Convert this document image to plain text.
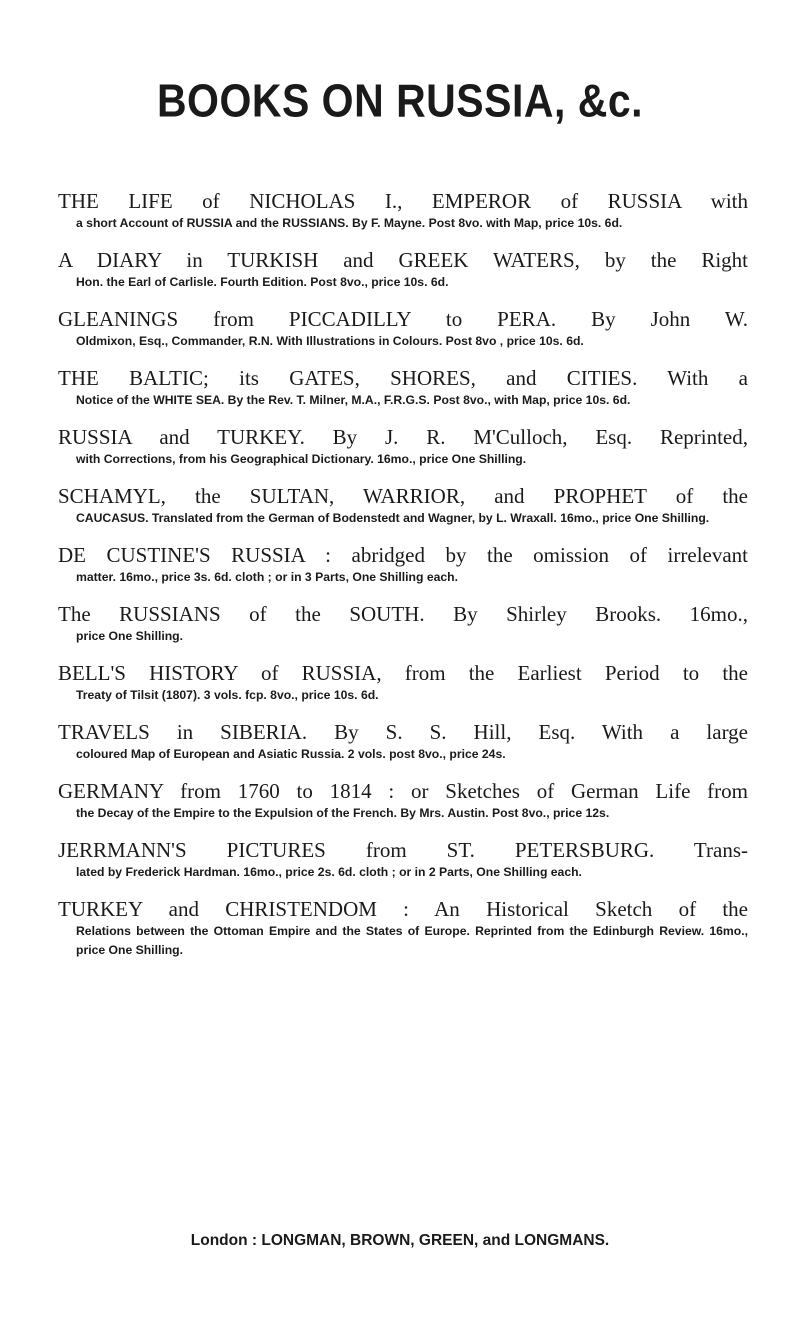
BOOKS ON RUSSIA, &c.
THE LIFE of NICHOLAS I., EMPEROR of RUSSIA with
a short Account of RUSSIA and the RUSSIANS. By F. Mayne. Post 8vo. with Map, price 10s. 6d.
A DIARY in TURKISH and GREEK WATERS, by the Right
Hon. the Earl of Carlisle. Fourth Edition. Post 8vo., price 10s. 6d.
GLEANINGS from PICCADILLY to PERA. By John W.
Oldmixon, Esq., Commander, R.N. With Illustrations in Colours. Post 8vo , price 10s. 6d.
THE BALTIC; its GATES, SHORES, and CITIES. With a
Notice of the WHITE SEA. By the Rev. T. Milner, M.A., F.R.G.S. Post 8vo., with Map, price 10s. 6d.
RUSSIA and TURKEY. By J. R. M'Culloch, Esq. Reprinted,
with Corrections, from his Geographical Dictionary. 16mo., price One Shilling.
SCHAMYL, the SULTAN, WARRIOR, and PROPHET of the
CAUCASUS. Translated from the German of Bodenstedt and Wagner, by L. Wraxall. 16mo., price One Shilling.
DE CUSTINE'S RUSSIA : abridged by the omission of irrelevant
matter. 16mo., price 3s. 6d. cloth ; or in 3 Parts, One Shilling each.
The RUSSIANS of the SOUTH. By Shirley Brooks. 16mo.,
price One Shilling.
BELL'S HISTORY of RUSSIA, from the Earliest Period to the
Treaty of Tilsit (1807). 3 vols. fcp. 8vo., price 10s. 6d.
TRAVELS in SIBERIA. By S. S. Hill, Esq. With a large
coloured Map of European and Asiatic Russia. 2 vols. post 8vo., price 24s.
GERMANY from 1760 to 1814 : or Sketches of German Life from
the Decay of the Empire to the Expulsion of the French. By Mrs. Austin. Post 8vo., price 12s.
JERRMANN'S PICTURES from ST. PETERSBURG. Trans-
lated by Frederick Hardman. 16mo., price 2s. 6d. cloth ; or in 2 Parts, One Shilling each.
TURKEY and CHRISTENDOM : An Historical Sketch of the
Relations between the Ottoman Empire and the States of Europe. Reprinted from the Edinburgh Review. 16mo., price One Shilling.
London : LONGMAN, BROWN, GREEN, and LONGMANS.
